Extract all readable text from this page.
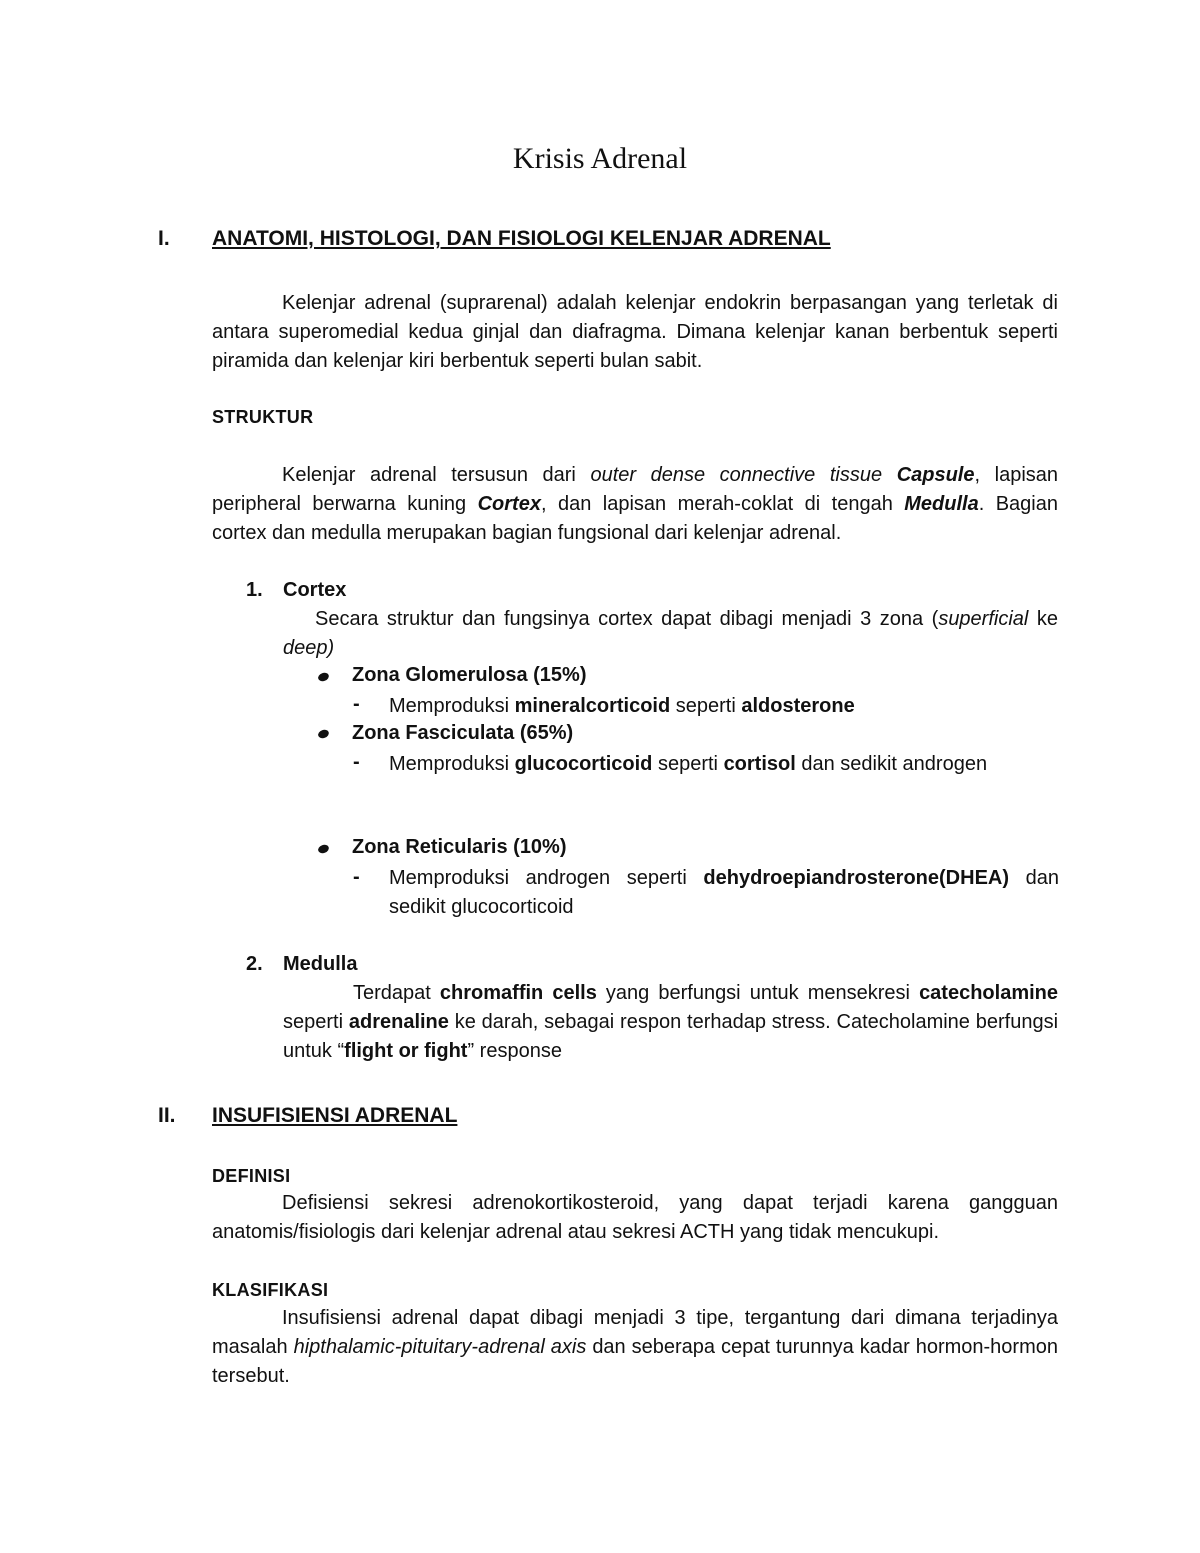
Krisis Adrenal
I. ANATOMI, HISTOLOGI, DAN FISIOLOGI KELENJAR ADRENAL

Kelenjar adrenal (suprarenal) adalah kelenjar endokrin berpasangan yang terletak di antara superomedial kedua ginjal dan diafragma. Dimana kelenjar kanan berbentuk seperti piramida dan kelenjar kiri berbentuk seperti bulan sabit.

STRUKTUR

Kelenjar adrenal tersusun dari outer dense connective tissue Capsule, lapisan peripheral berwarna kuning Cortex, dan lapisan merah-coklat di tengah Medulla. Bagian cortex dan medulla merupakan bagian fungsional dari kelenjar adrenal.

1. Cortex

Secara struktur dan fungsinya cortex dapat dibagi menjadi 3 zona (superficial ke deep)

Zona Glomerulosa (15%)
- Memproduksi mineralcorticoid seperti aldosterone

Zona Fasciculata (65%)
- Memproduksi glucocorticoid seperti cortisol dan sedikit androgen

Zona Reticularis (10%)
- Memproduksi androgen seperti dehydroepiandrosterone(DHEA) dan sedikit glucocorticoid

2. Medulla

Terdapat chromaffin cells yang berfungsi untuk mensekresi catecholamine seperti adrenaline ke darah, sebagai respon terhadap stress. Catecholamine berfungsi untuk “flight or fight” response

II. INSUFISIENSI ADRENAL
DEFINISI

Defisiensi sekresi adrenokortikosteroid, yang dapat terjadi karena gangguan anatomis/fisiologis dari kelenjar adrenal atau sekresi ACTH yang tidak mencukupi.

KLASIFIKASI

Insufisiensi adrenal dapat dibagi menjadi 3 tipe, tergantung dari dimana terjadinya masalah hipthalamic-pituitary-adrenal axis dan seberapa cepat turunnya kadar hormon-hormon tersebut.
